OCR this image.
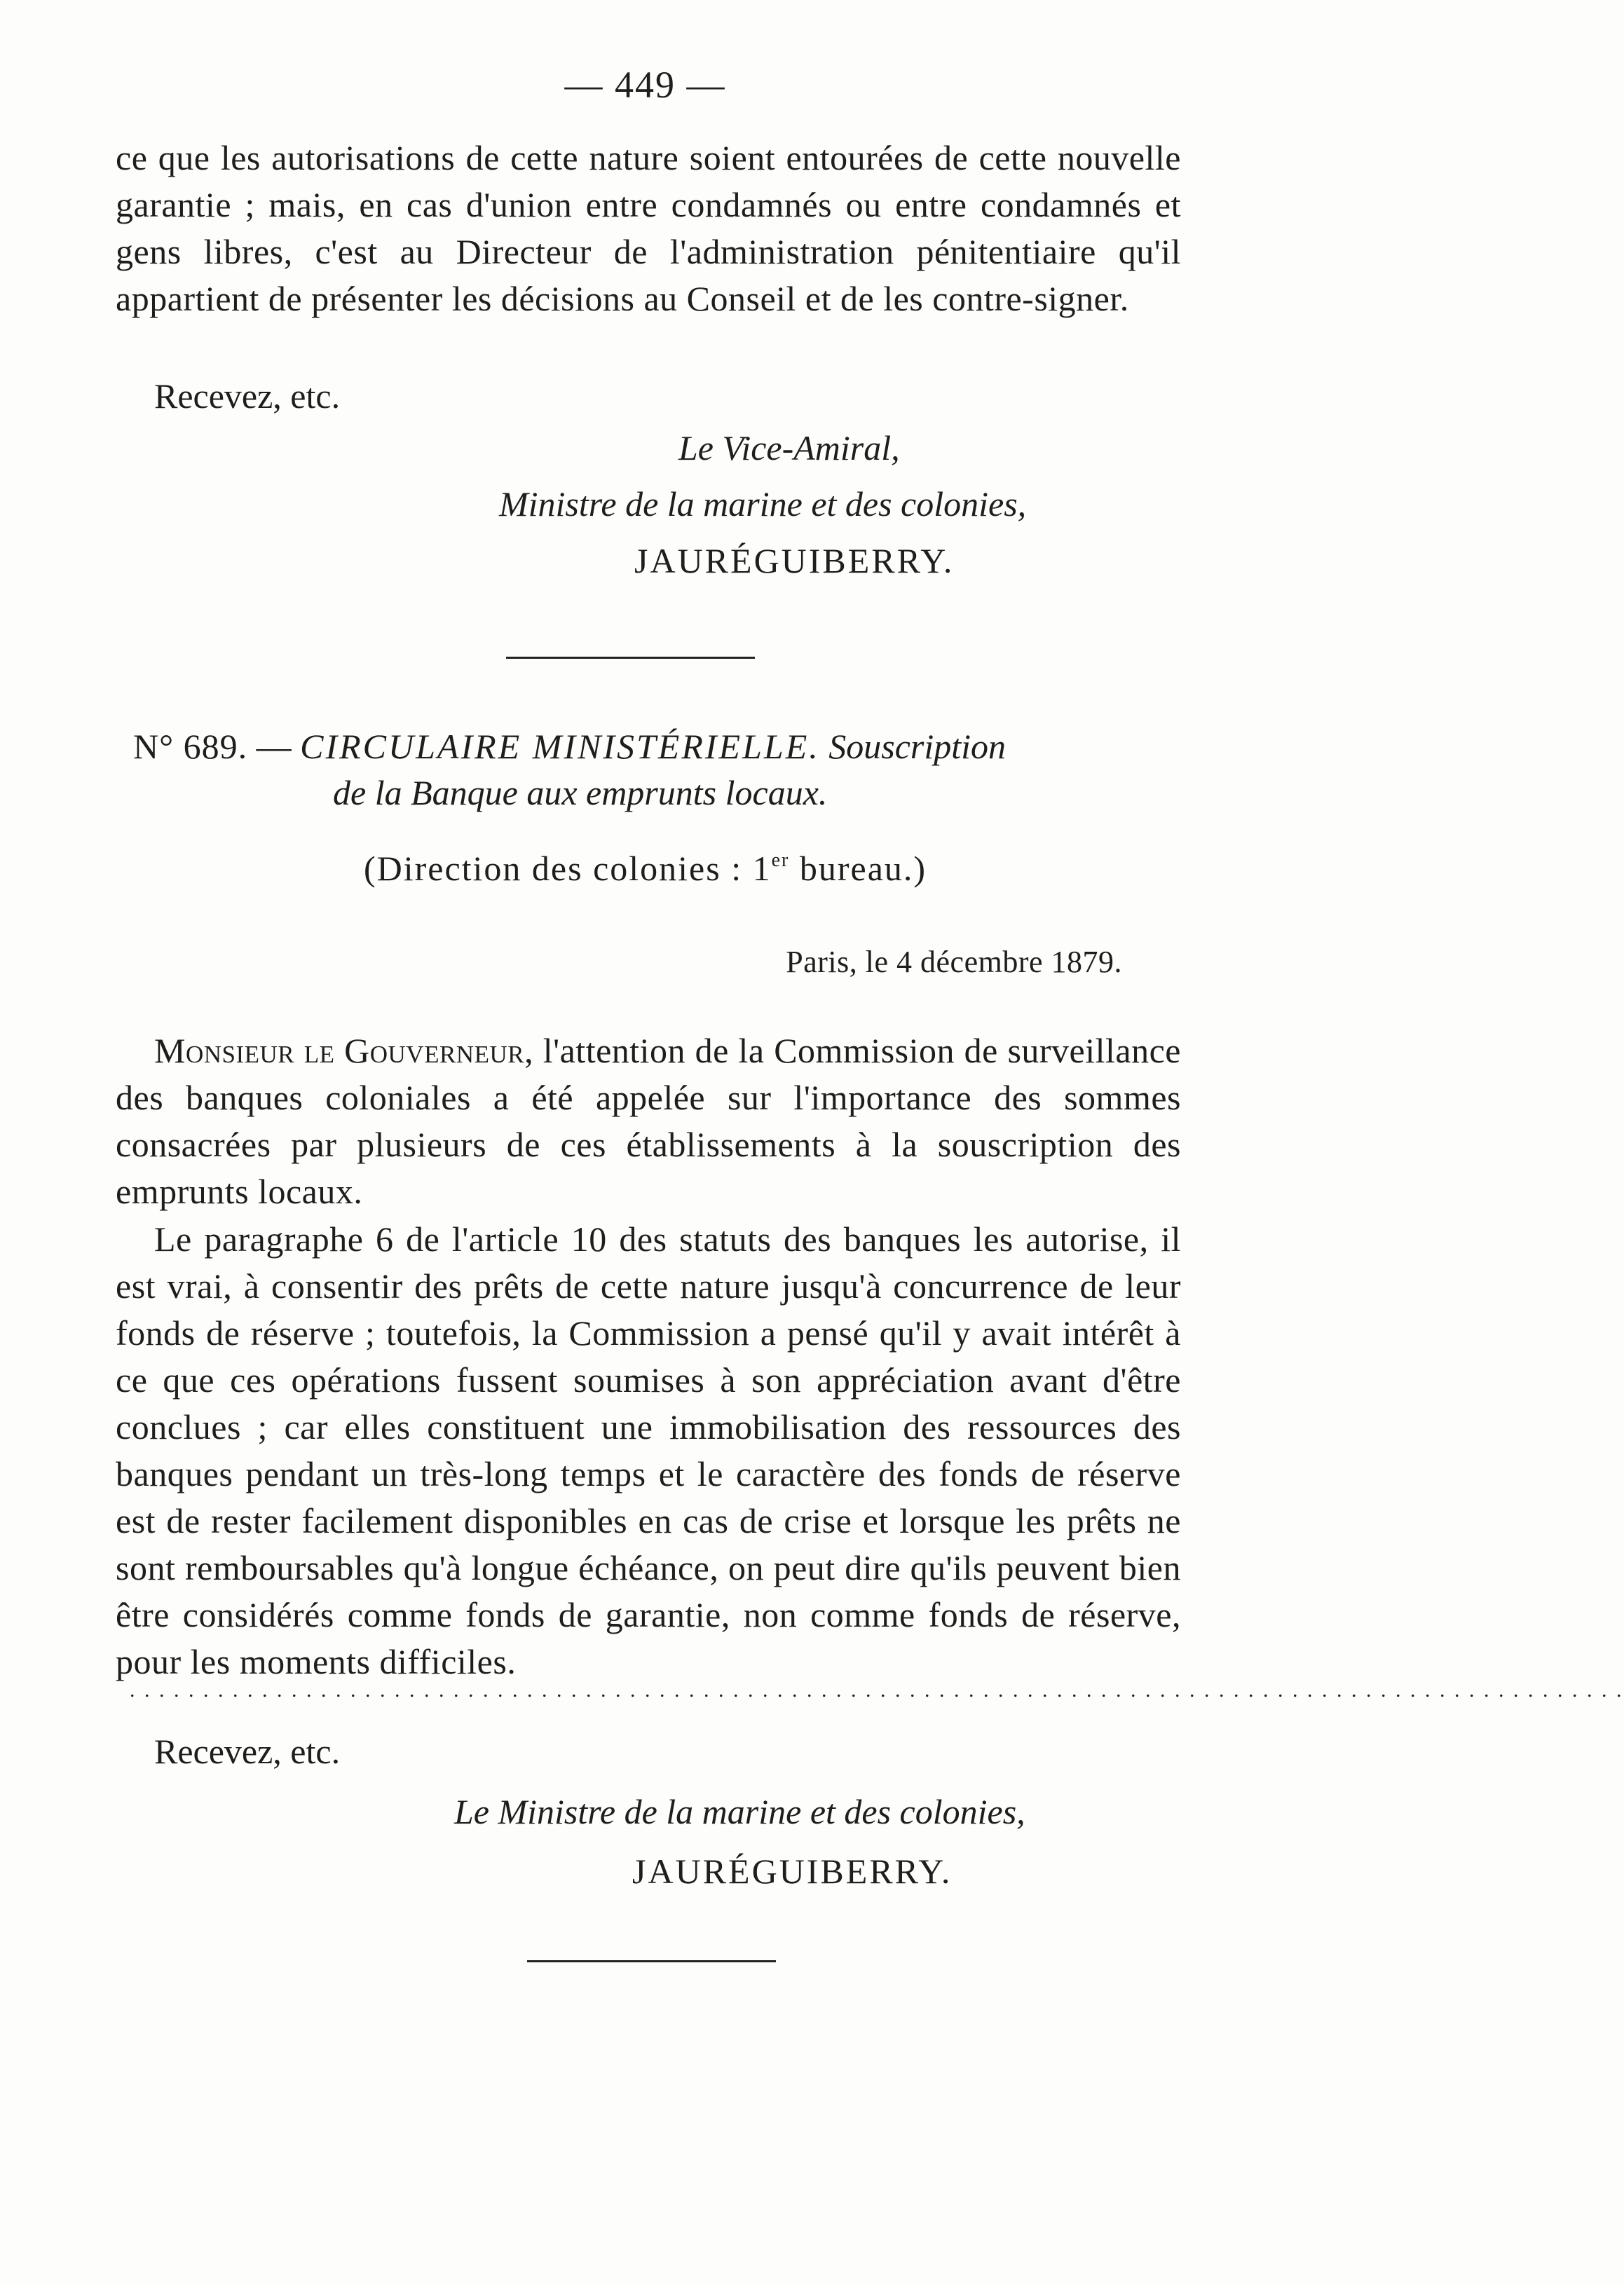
— 449 —

ce que les autorisations de cette nature soient entourées de cette nouvelle garantie ; mais, en cas d'union entre condamnés ou entre condamnés et gens libres, c'est au Directeur de l'administration pénitentiaire qu'il appartient de présenter les décisions au Conseil et de les contre-signer.

Recevez, etc.
Le Vice-Amiral,
Ministre de la marine et des colonies,
JAURÉGUIBERRY.
N° 689. — CIRCULAIRE MINISTÉRIELLE. Souscription
de la Banque aux emprunts locaux.
(Direction des colonies : 1er bureau.)
Paris, le 4 décembre 1879.

Monsieur le Gouverneur, l'attention de la Commission de surveillance des banques coloniales a été appelée sur l'importance des sommes consacrées par plusieurs de ces établissements à la souscription des emprunts locaux.

Le paragraphe 6 de l'article 10 des statuts des banques les autorise, il est vrai, à consentir des prêts de cette nature jusqu'à concurrence de leur fonds de réserve ; toutefois, la Commission a pensé qu'il y avait intérêt à ce que ces opérations fussent soumises à son appréciation avant d'être conclues ; car elles constituent une immobilisation des ressources des banques pendant un très-long temps et le caractère des fonds de réserve est de rester facilement disponibles en cas de crise et lorsque les prêts ne sont remboursables qu'à longue échéance, on peut dire qu'ils peuvent bien être considérés comme fonds de garantie, non comme fonds de réserve, pour les moments difficiles.

. . . . . . . . . . . . . . . . . . . . . . . . . . . . . . . . . . . . . . . . . . . . . . . . . . . . . . . . . . . . . . . . . . . . . . . . . . . . . . . . . . . . . . . . . . . . . . . . . . . . . .
Recevez, etc.
Le Ministre de la marine et des colonies,
JAURÉGUIBERRY.
